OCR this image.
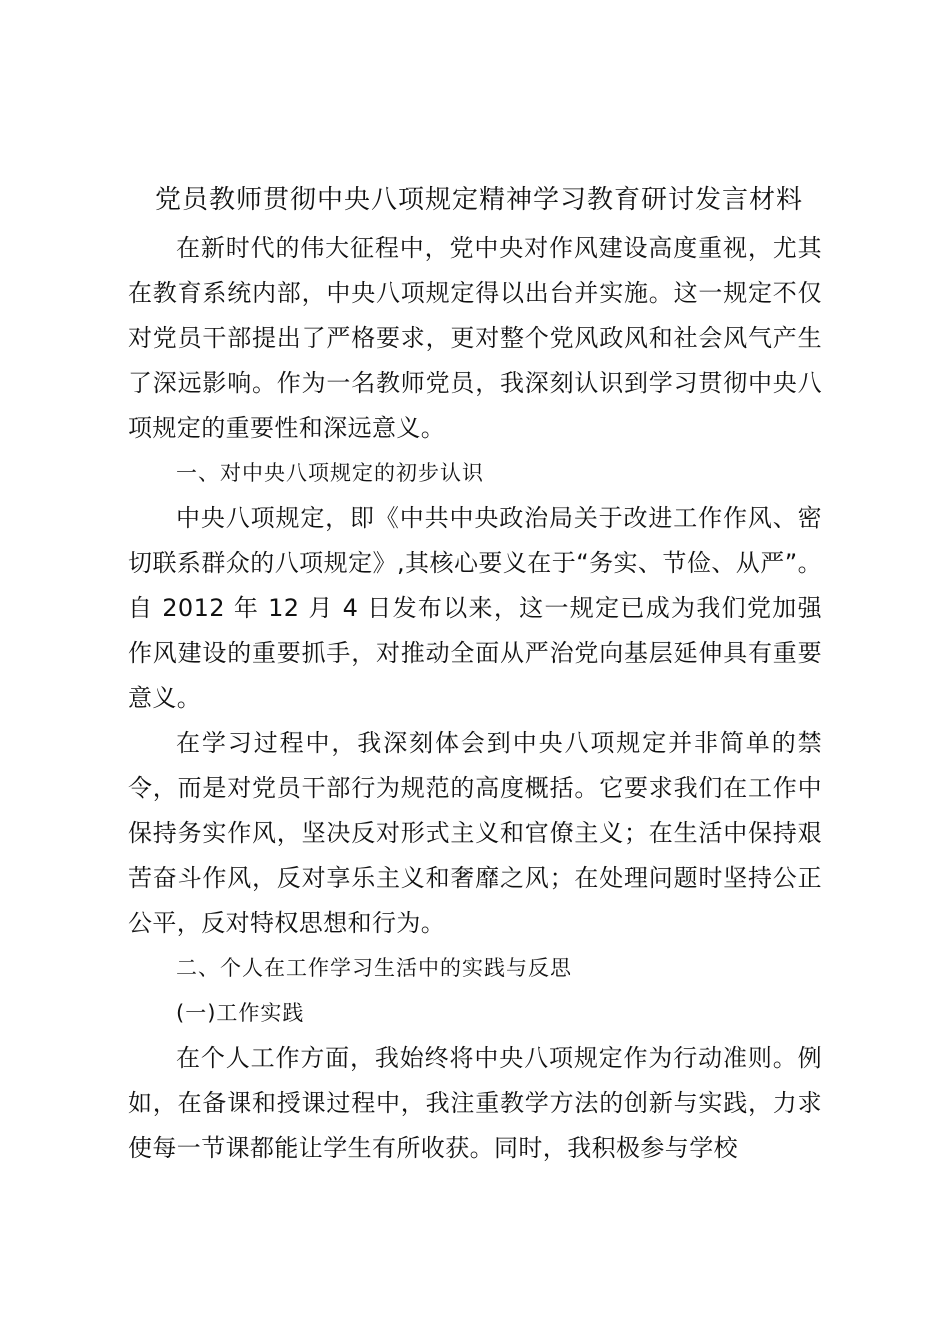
党员教师贯彻中央八项规定精神学习教育研讨发言材料

在新时代的伟大征程中，党中央对作风建设高度重视，尤其在教育系统内部，中央八项规定得以出台并实施。这一规定不仅对党员干部提出了严格要求，更对整个党风政风和社会风气产生了深远影响。作为一名教师党员，我深刻认识到学习贯彻中央八项规定的重要性和深远意义。

一、对中央八项规定的初步认识

中央八项规定，即《中共中央政治局关于改进工作作风、密切联系群众的八项规定》,其核心要义在于“务实、节俭、从严”。自 2012 年 12 月 4 日发布以来，这一规定已成为我们党加强作风建设的重要抓手，对推动全面从严治党向基层延伸具有重要意义。

在学习过程中，我深刻体会到中央八项规定并非简单的禁令，而是对党员干部行为规范的高度概括。它要求我们在工作中保持务实作风，坚决反对形式主义和官僚主义；在生活中保持艰苦奋斗作风，反对享乐主义和奢靡之风；在处理问题时坚持公正公平，反对特权思想和行为。

二、个人在工作学习生活中的实践与反思

(一)工作实践

在个人工作方面，我始终将中央八项规定作为行动准则。例如，在备课和授课过程中，我注重教学方法的创新与实践，力求使每一节课都能让学生有所收获。同时，我积极参与学校
